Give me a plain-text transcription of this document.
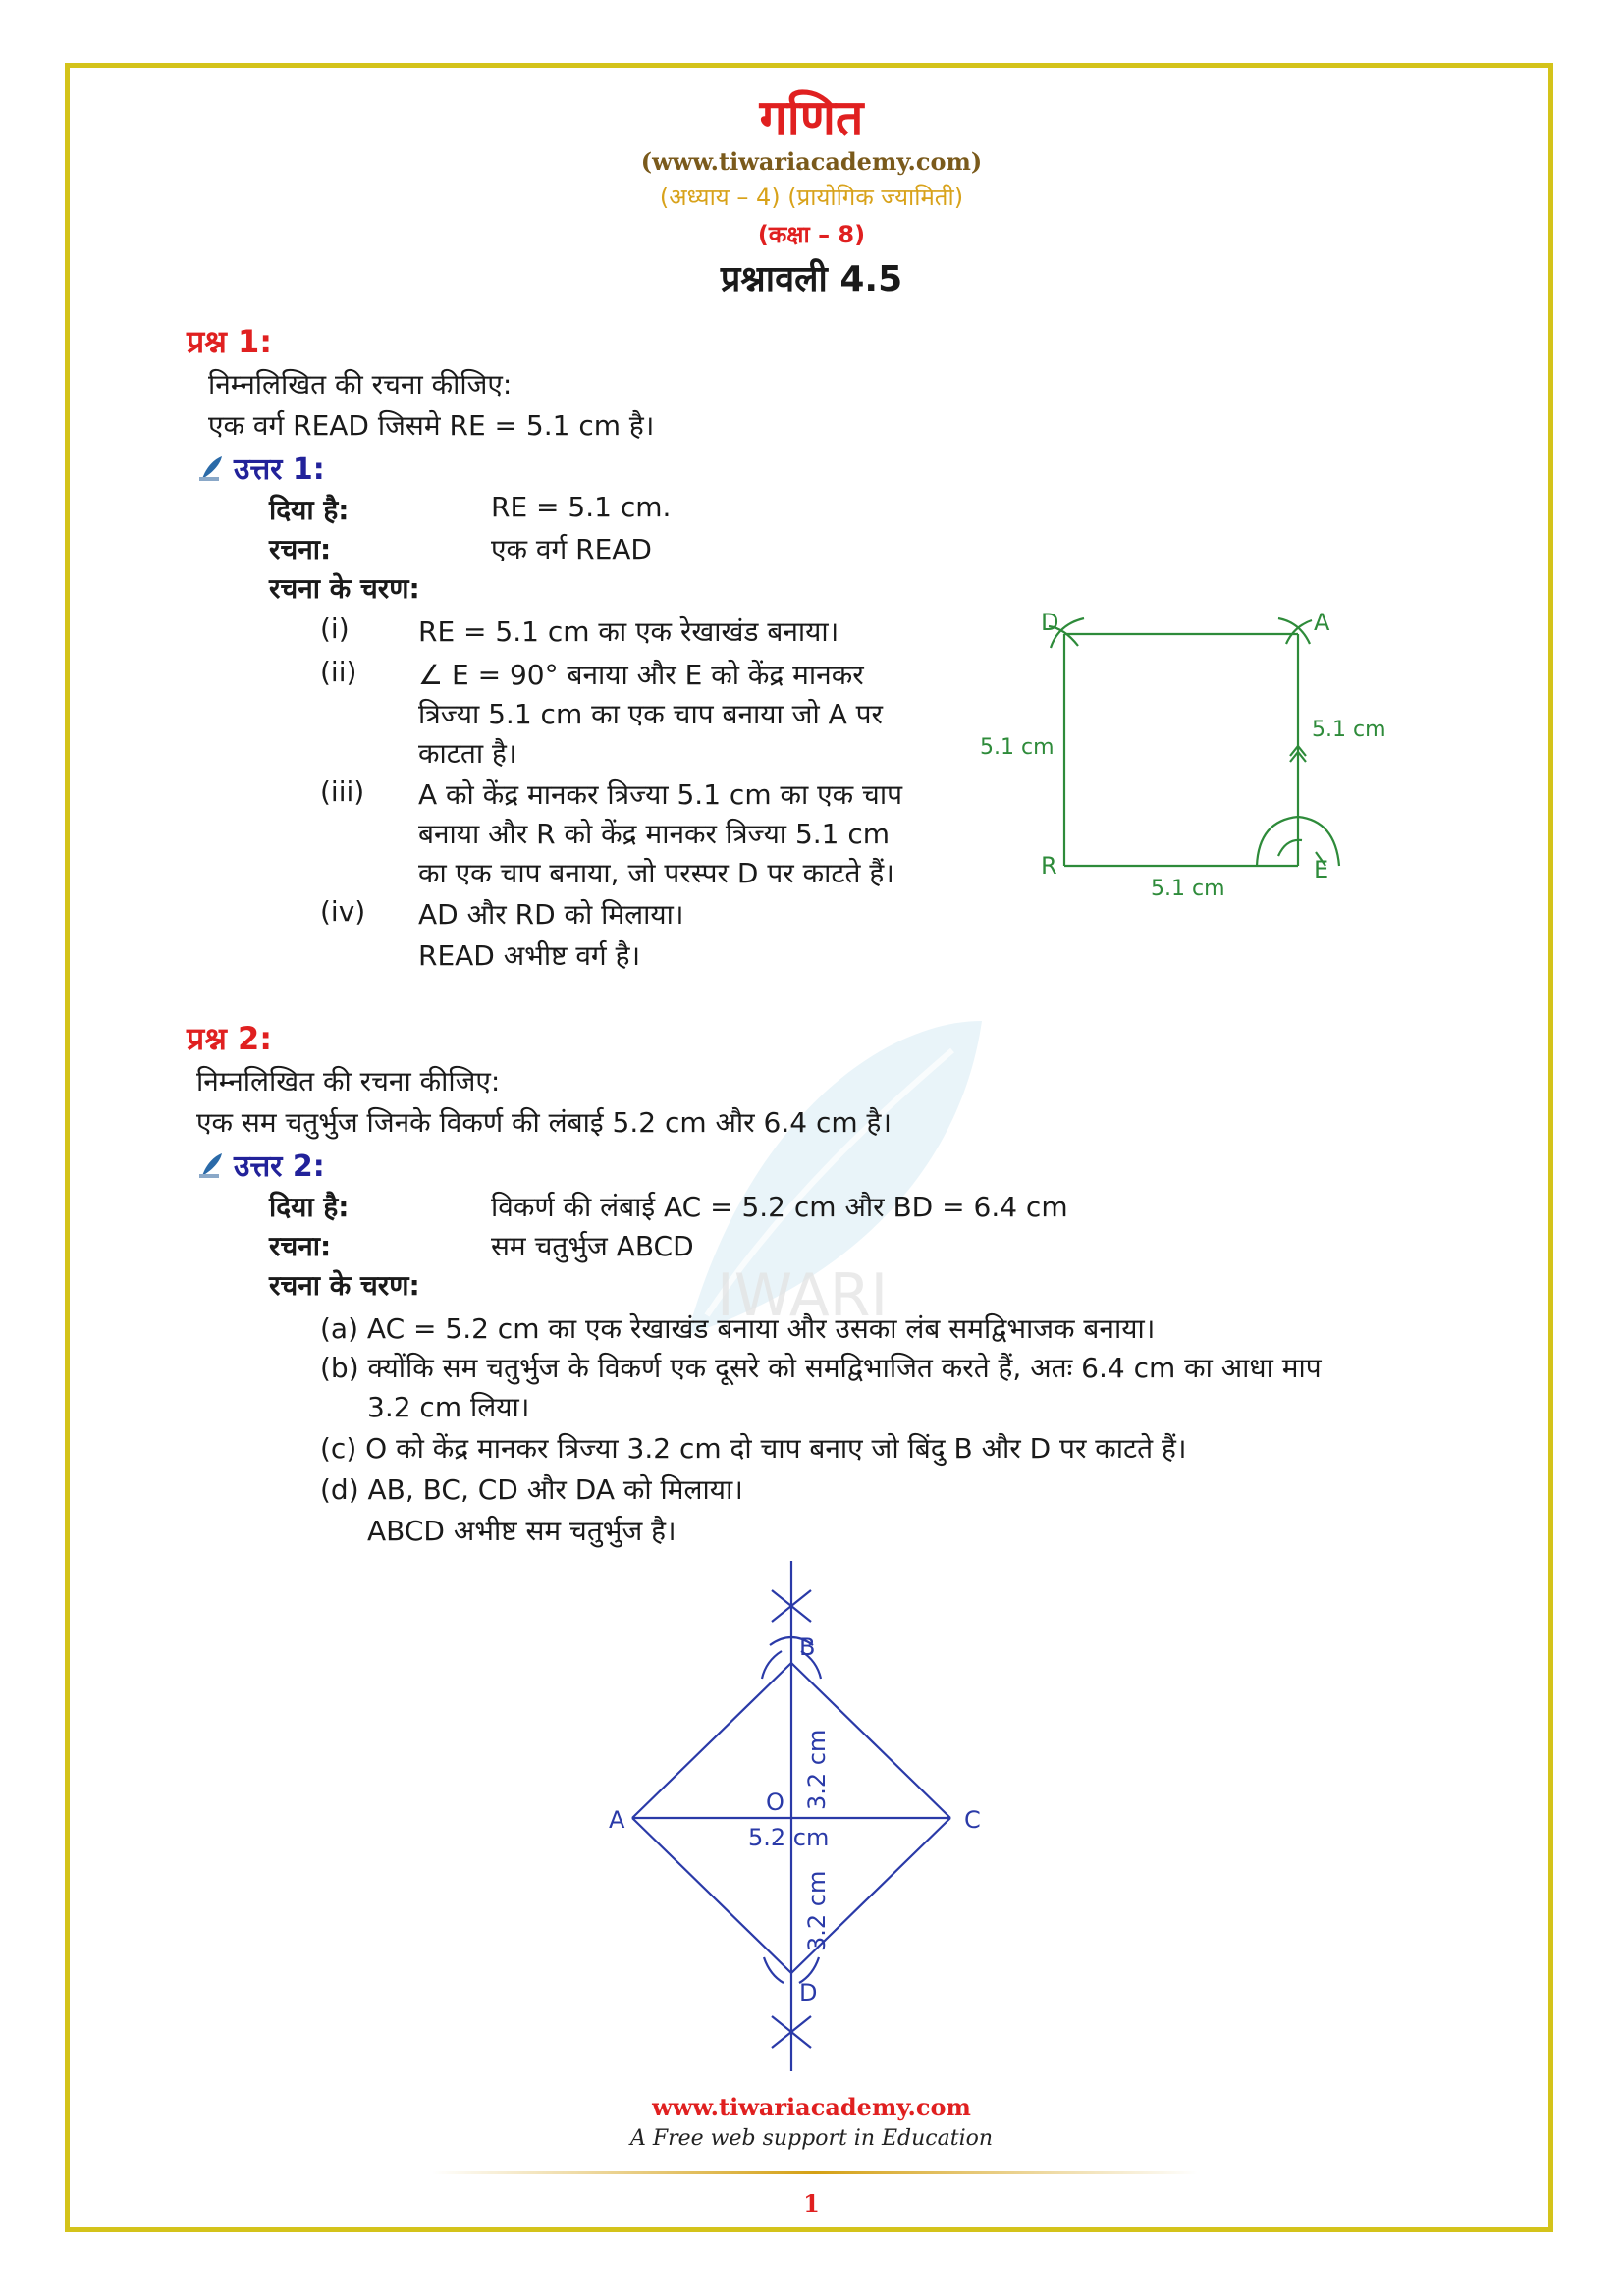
IWARI
गणित
(www.tiwariacademy.com)
(अध्याय – 4) (प्रायोगिक ज्यामिती)
(कक्षा – 8)
प्रश्नावली 4.5
प्रश्न 1:
निम्नलिखित की रचना कीजिए:
एक वर्ग READ जिसमे RE = 5.1 cm है।
उत्तर 1:
दिया है:	RE = 5.1 cm.
रचना:	एक वर्ग READ
रचना के चरण:
(i)	RE = 5.1 cm का एक रेखाखंड बनाया।
(ii) ∠ E = 90° बनाया और E को केंद्र मानकर
त्रिज्या 5.1 cm का एक चाप बनाया जो A पर
काटता है।
(iii) A को केंद्र मानकर त्रिज्या 5.1 cm का एक चाप
बनाया और R को केंद्र मानकर त्रिज्या 5.1 cm
का एक चाप बनाया, जो परस्पर D पर काटते हैं।
(iv) AD और RD को मिलाया।
READ अभीष्ट वर्ग है।
D	A
R	E
5.1 cm
5.1 cm
5.1 cm
प्रश्न 2:
निम्नलिखित की रचना कीजिए:
एक सम चतुर्भुज जिनके विकर्ण की लंबाई 5.2 cm और 6.4 cm है।
उत्तर 2:
दिया है:	विकर्ण की लंबाई AC = 5.2 cm और BD = 6.4 cm
रचना:	सम चतुर्भुज ABCD
रचना के चरण:
(a) AC = 5.2 cm का एक रेखाखंड बनाया और उसका लंब समद्विभाजक बनाया।
(b) क्योंकि सम चतुर्भुज के विकर्ण एक दूसरे को समद्विभाजित करते हैं, अतः 6.4 cm का आधा माप
3.2 cm लिया।
(c) O को केंद्र मानकर त्रिज्या 3.2 cm दो चाप बनाए जो बिंदु B और D पर काटते हैं।
(d) AB, BC, CD और DA को मिलाया।
ABCD अभीष्ट सम चतुर्भुज है।
A
B
C
D
O
5.2 cm
3.2 cm
3.2 cm
www.tiwariacademy.com
A Free web support in Education
1
